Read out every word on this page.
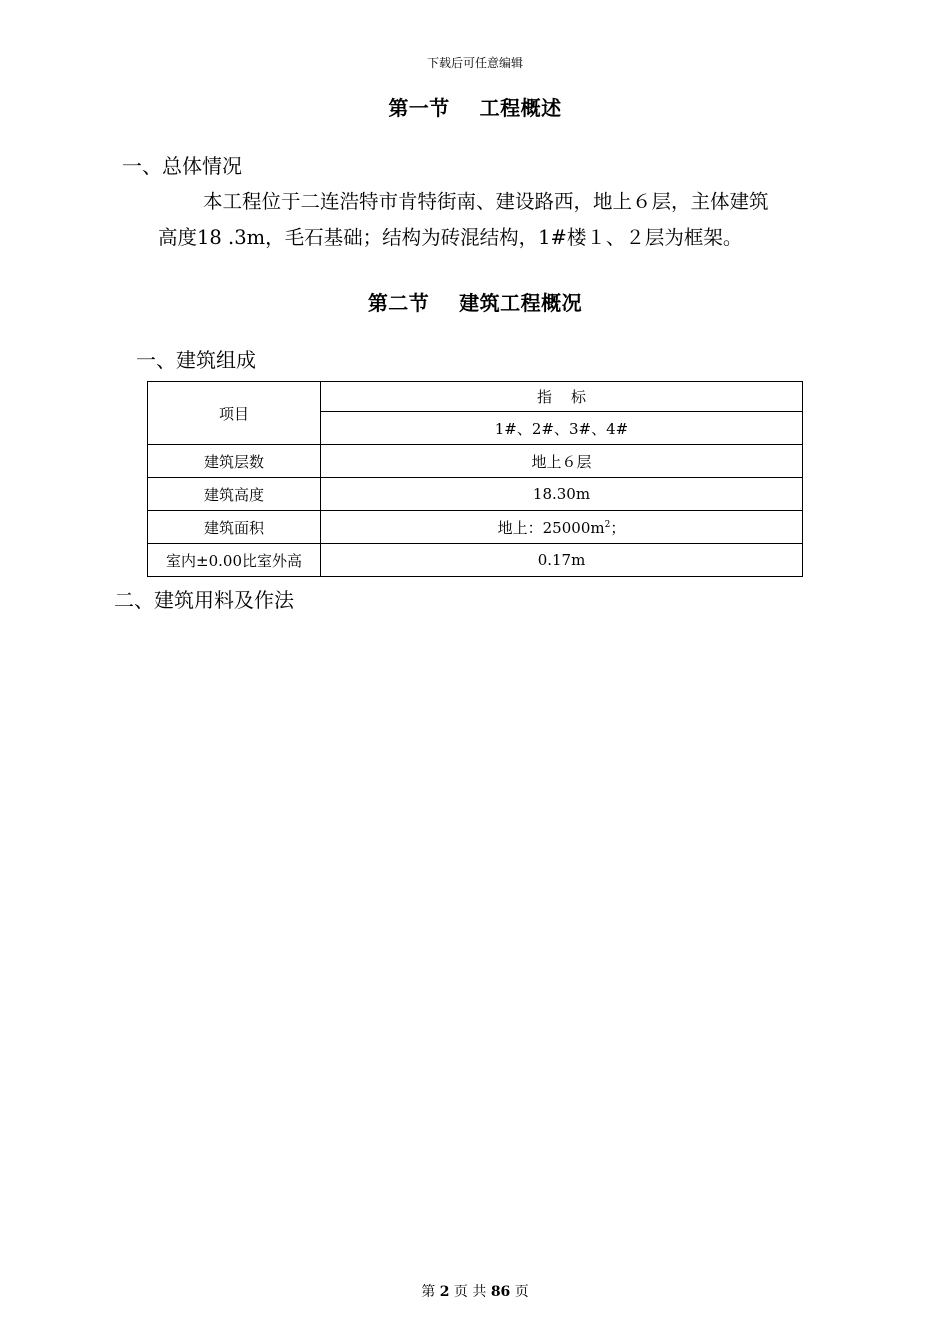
下载后可任意编辑
第一节    工程概述
一、总体情况
本工程位于二连浩特市肯特街南、建设路西，地上６层，主体建筑
高度18 .3m，毛石基础；结构为砖混结构，1#楼１、２层为框架。
第二节    建筑工程概况
一、建筑组成
项目	指    标
	1#、2#、3#、4#
建筑层数	地上６层
建筑高度	18.30m
建筑面积	地上：$25000m^2$；
室内±0.00比室外高	0.17m
二、建筑用料及作法
第 2 页 共 86 页
